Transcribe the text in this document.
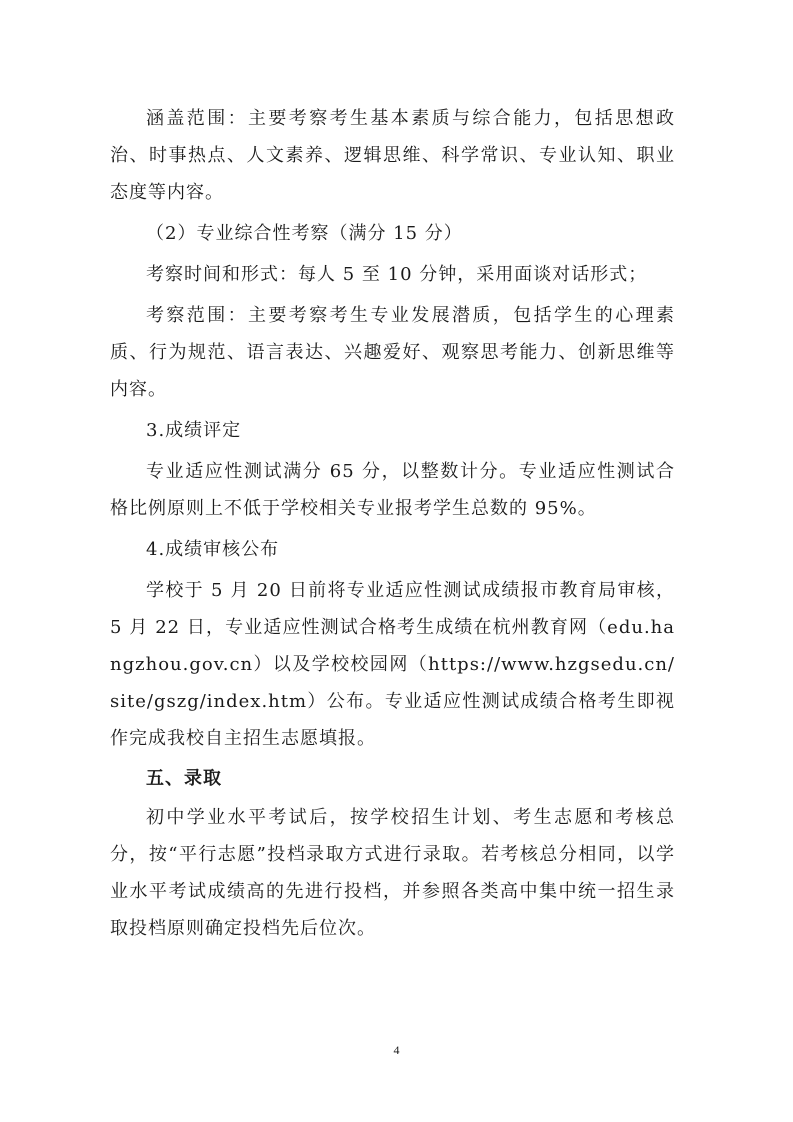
涵盖范围：主要考察考生基本素质与综合能力，包括思想政治、时事热点、人文素养、逻辑思维、科学常识、专业认知、职业态度等内容。

（2）专业综合性考察（满分 15 分）

考察时间和形式：每人 5 至 10 分钟，采用面谈对话形式；

考察范围：主要考察考生专业发展潜质，包括学生的心理素质、行为规范、语言表达、兴趣爱好、观察思考能力、创新思维等内容。

3.成绩评定

专业适应性测试满分 65 分，以整数计分。专业适应性测试合格比例原则上不低于学校相关专业报考学生总数的 95%。

4.成绩审核公布

学校于 5 月 20 日前将专业适应性测试成绩报市教育局审核，5 月 22 日，专业适应性测试合格考生成绩在杭州教育网（edu.hangzhou.gov.cn）以及学校校园网（https://www.hzgsedu.cn/site/gszg/index.htm）公布。专业适应性测试成绩合格考生即视作完成我校自主招生志愿填报。

五、录取

初中学业水平考试后，按学校招生计划、考生志愿和考核总分，按“平行志愿”投档录取方式进行录取。若考核总分相同，以学业水平考试成绩高的先进行投档，并参照各类高中集中统一招生录取投档原则确定投档先后位次。

4
